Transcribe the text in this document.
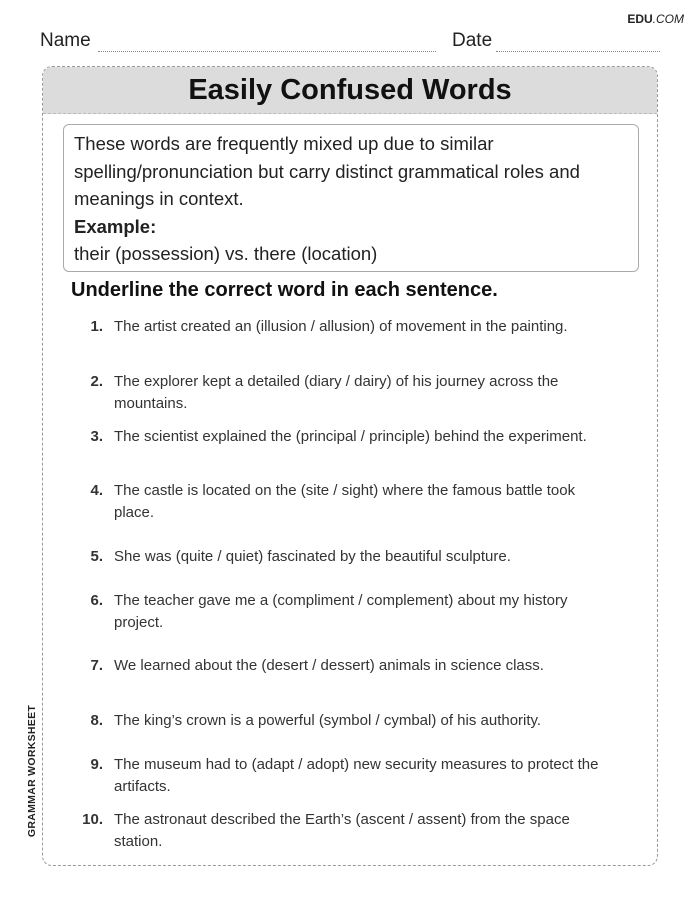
EDU.COM
Name	Date
Easily Confused Words
These words are frequently mixed up due to similar spelling/pronunciation but carry distinct grammatical roles and meanings in context.
Example:
their (possession) vs. there (location)
Underline the correct word in each sentence.
1. The artist created an (illusion / allusion) of movement in the painting.
2. The explorer kept a detailed (diary / dairy) of his journey across the mountains.
3. The scientist explained the (principal / principle) behind the experiment.
4. The castle is located on the (site / sight) where the famous battle took place.
5. She was (quite / quiet) fascinated by the beautiful sculpture.
6. The teacher gave me a (compliment / complement) about my history project.
7. We learned about the (desert / dessert) animals in science class.
8. The king’s crown is a powerful (symbol / cymbal) of his authority.
9. The museum had to (adapt / adopt) new security measures to protect the artifacts.
10. The astronaut described the Earth’s (ascent / assent) from the space station.
GRAMMAR WORKSHEET
